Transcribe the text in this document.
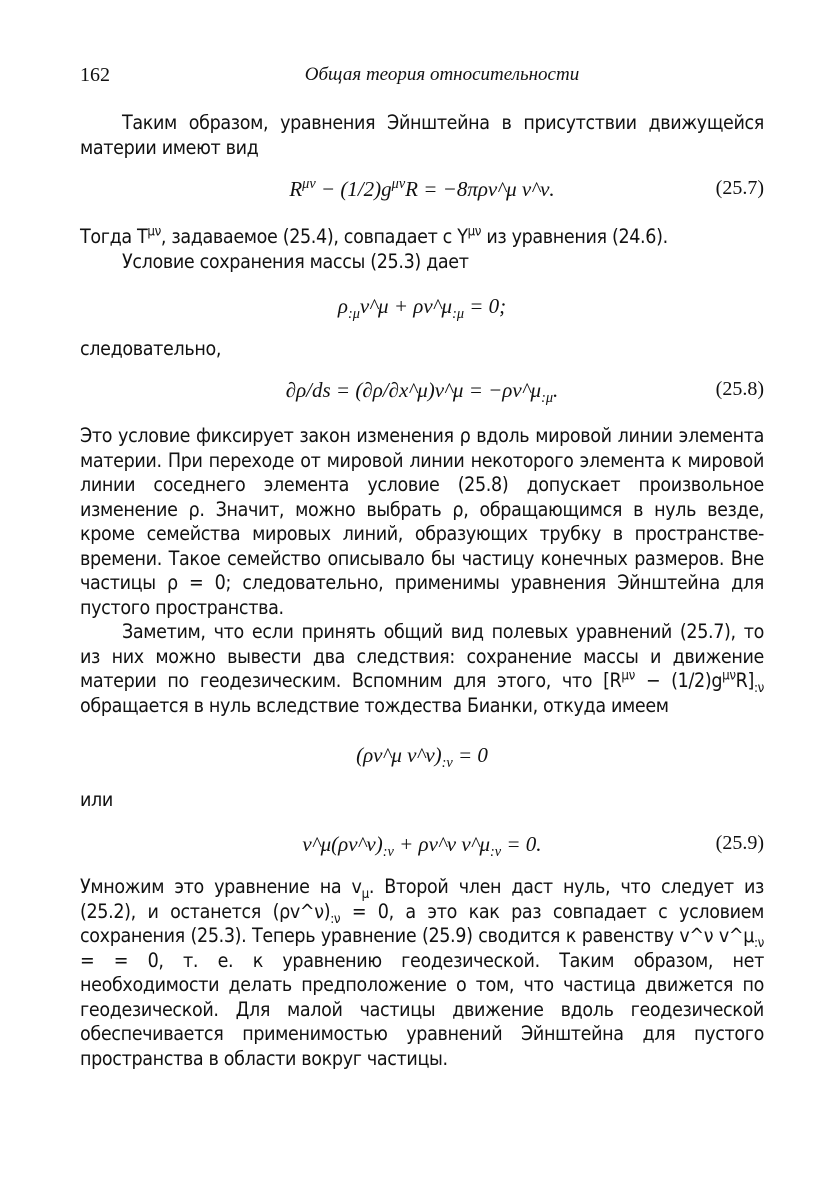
162	Общая теория относительности

Таким образом, уравнения Эйнштейна в присутствии движущейся материи имеют вид

$R^{\mu\nu} - (1/2)g^{\mu\nu}R$ = −8πρv^μ v^ν.	(25.7)

Тогда $T^{\mu\nu}$, задаваемое (25.4), совпадает с $Y^{\mu\nu}$ из уравнения (24.6).

Условие сохранения массы (25.3) дает

$\rho_{:\mu}v\^{}\mu$ + $\rho v\^{}\mu_{:\mu} = 0$;

следовательно,

∂ρ/ds = (∂ρ/∂x^μ)v^μ = $-\rho v\^{}\mu_{:\mu}$.	(25.8)

Это условие фиксирует закон изменения ρ вдоль мировой линии элемента материи. При переходе от мировой линии некоторого элемента к мировой линии соседнего элемента условие (25.8) допускает произвольное изменение ρ. Значит, можно выбрать ρ, обращающимся в нуль везде, кроме семейства мировых линий, образующих трубку в пространстве-времени. Такое семейство описывало бы частицу конечных размеров. Вне частицы ρ = 0; следовательно, применимы уравнения Эйнштейна для пустого пространства.

Заметим, что если принять общий вид полевых уравнений (25.7), то из них можно вывести два следствия: сохранение массы и движение материи по геодезическим. Вспомним для этого, что $[R^{\mu\nu} - (1/2)g^{\mu\nu}R]_{:\nu}$ обращается в нуль вследствие тождества Бианки, откуда имеем

(ρv^μ $v\^{}\nu)_{:\nu} = 0$

или

$v\^{}\mu(\rho v\^{}\nu)_{:\nu}$ + ρv^ν $v\^{}\mu_{:\nu} = 0$.	(25.9)

Умножим это уравнение на $v_\mu$. Второй член даст нуль, что следует из (25.2), и останется $(\rho v\^{}\nu)_{:\nu} = 0$, а это как раз совпадает с условием сохранения (25.3). Теперь уравнение (25.9) сводится к равенству v^ν $v\^{}\mu_{:\nu}$ = = 0, т. е. к уравнению геодезической. Таким образом, нет необходимости делать предположение о том, что частица движется по геодезической. Для малой частицы движение вдоль геодезической обеспечивается применимостью уравнений Эйнштейна для пустого пространства в области вокруг частицы.
